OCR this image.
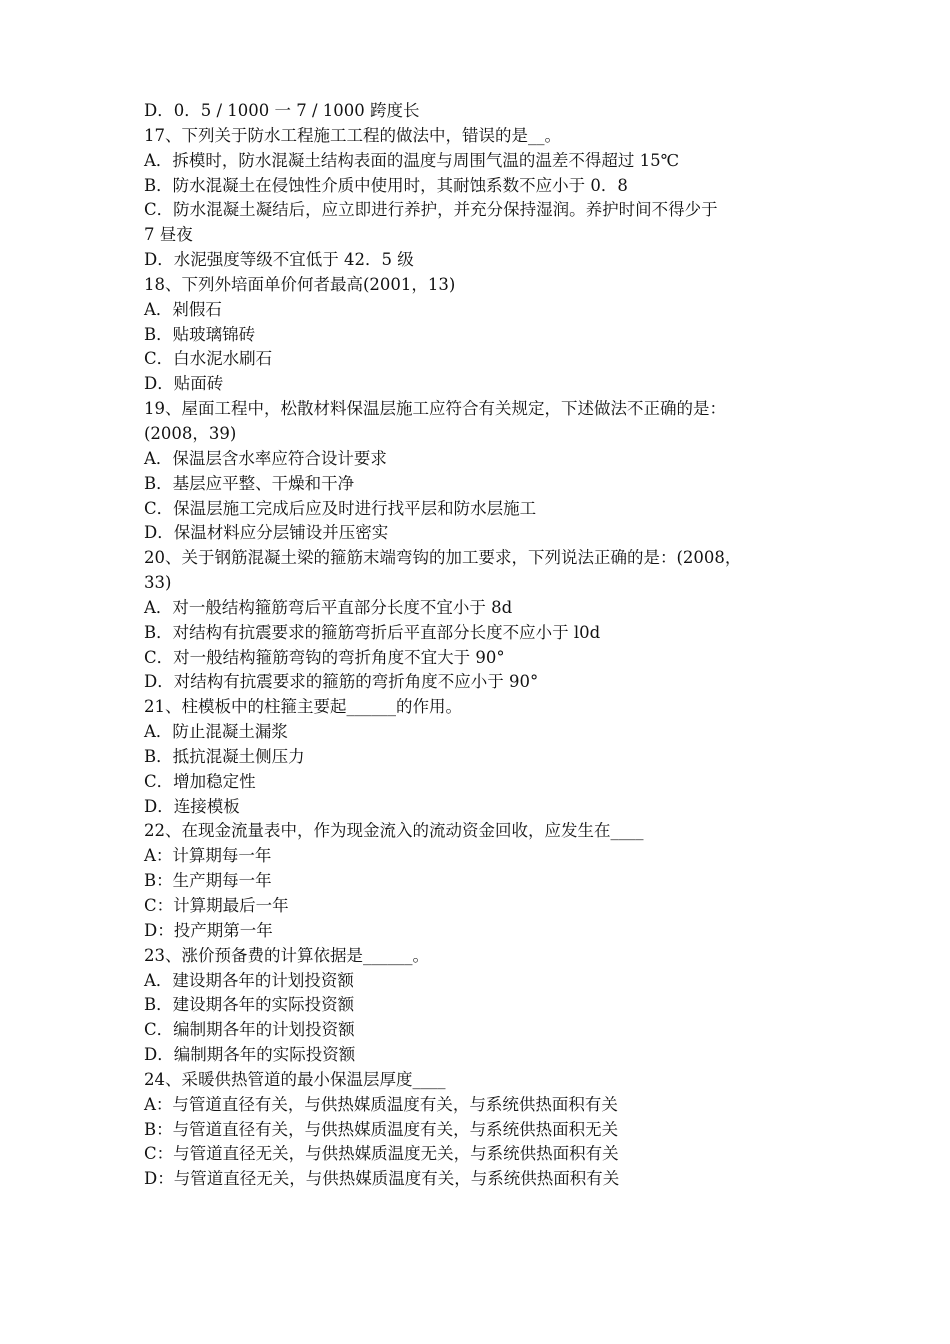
D．0．5 / 1000 一 7 / 1000 跨度长
17、下列关于防水工程施工工程的做法中，错误的是__。
A．拆模时，防水混凝土结构表面的温度与周围气温的温差不得超过 15℃
B．防水混凝土在侵蚀性介质中使用时，其耐蚀系数不应小于 0．8
C．防水混凝土凝结后，应立即进行养护，并充分保持湿润。养护时间不得少于
7 昼夜
D．水泥强度等级不宜低于 42．5 级
18、下列外培面单价何者最高(2001，13)
A．剁假石
B．贴玻璃锦砖
C．白水泥水刷石
D．贴面砖
19、屋面工程中，松散材料保温层施工应符合有关规定，下述做法不正确的是：
(2008，39)
A．保温层含水率应符合设计要求
B．基层应平整、干燥和干净
C．保温层施工完成后应及时进行找平层和防水层施工
D．保温材料应分层铺设并压密实
20、关于钢筋混凝土梁的箍筋末端弯钩的加工要求，下列说法正确的是：(2008，
33)
A．对一般结构箍筋弯后平直部分长度不宜小于 8d
B．对结构有抗震要求的箍筋弯折后平直部分长度不应小于 l0d
C．对一般结构箍筋弯钩的弯折角度不宜大于 90°
D．对结构有抗震要求的箍筋的弯折角度不应小于 90°
21、柱模板中的柱箍主要起______的作用。
A．防止混凝土漏浆
B．抵抗混凝土侧压力
C．增加稳定性
D．连接模板
22、在现金流量表中，作为现金流入的流动资金回收，应发生在____
A：计算期每一年
B：生产期每一年
C：计算期最后一年
D：投产期第一年
23、涨价预备费的计算依据是______。
A．建设期各年的计划投资额
B．建设期各年的实际投资额
C．编制期各年的计划投资额
D．编制期各年的实际投资额
24、采暖供热管道的最小保温层厚度____
A：与管道直径有关，与供热媒质温度有关，与系统供热面积有关
B：与管道直径有关，与供热媒质温度有关，与系统供热面积无关
C：与管道直径无关，与供热媒质温度无关，与系统供热面积有关
D：与管道直径无关，与供热媒质温度有关，与系统供热面积有关
